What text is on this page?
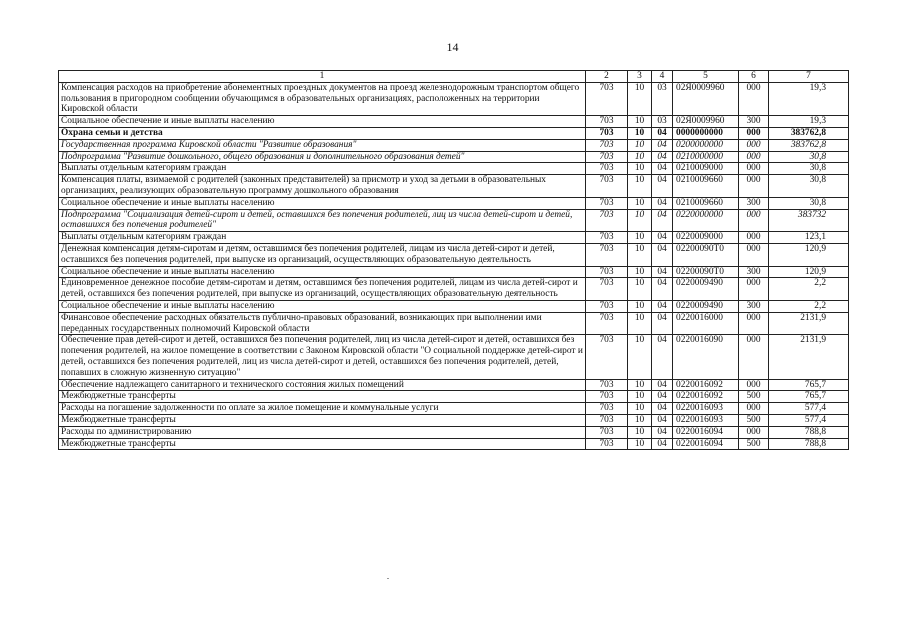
14
1	2	3	4	5	6	7
Компенсация расходов на приобретение абонементных проездных документов на проезд железнодорожным транспортом общего пользования в пригородном сообщении обучающимся в образовательных организациях, расположенных на территории Кировской области	703	10	03	02Я0009960	000	19,3
Социальное обеспечение и иные выплаты населению	703	10	03	02Я0009960	300	19,3
Охрана семьи и детства	703	10	04	0000000000	000	383762,8
Государственная программа Кировской области "Развитие образования"	703	10	04	0200000000	000	383762,8
Подпрограмма "Развитие дошкольного, общего образования и дополнительного образования детей"	703	10	04	0210000000	000	30,8
Выплаты отдельным категориям граждан	703	10	04	0210009000	000	30,8
Компенсация платы, взимаемой с родителей (законных представителей) за присмотр и уход за детьми в образовательных организациях, реализующих образовательную программу дошкольного образования	703	10	04	0210009660	000	30,8
Социальное обеспечение и иные выплаты населению	703	10	04	0210009660	300	30,8
Подпрограмма "Социализация детей-сирот и детей, оставшихся без попечения родителей, лиц из числа детей-сирот и детей, оставшихся без попечения родителей"	703	10	04	0220000000	000	383732
Выплаты отдельным категориям граждан	703	10	04	0220009000	000	123,1
Денежная компенсация детям-сиротам и детям, оставшимся без попечения родителей, лицам из числа детей-сирот и детей, оставшихся без попечения родителей, при выпуске из организаций, осуществляющих образовательную деятельность	703	10	04	02200090Т0	000	120,9
Социальное обеспечение и иные выплаты населению	703	10	04	02200090Т0	300	120,9
Единовременное денежное пособие детям-сиротам и детям, оставшимся без попечения родителей, лицам из числа детей-сирот и детей, оставшихся без попечения родителей, при выпуске из организаций, осуществляющих образовательную деятельность	703	10	04	0220009490	000	2,2
Социальное обеспечение и иные выплаты населению	703	10	04	0220009490	300	2,2
Финансовое обеспечение расходных обязательств публично-правовых образований, возникающих при выполнении ими переданных государственных полномочий Кировской области	703	10	04	0220016000	000	2131,9
Обеспечение прав детей-сирот и детей, оставшихся без попечения родителей, лиц из числа детей-сирот и детей, оставшихся без попечения родителей, на жилое помещение в соответствии с Законом Кировской области "О социальной поддержке детей-сирот и детей, оставшихся без попечения родителей, лиц из числа детей-сирот и детей, оставшихся без попечения родителей, детей, попавших в сложную жизненную ситуацию"	703	10	04	0220016090	000	2131,9
Обеспечение надлежащего санитарного и технического состояния жилых помещений	703	10	04	0220016092	000	765,7
Межбюджетные трансферты	703	10	04	0220016092	500	765,7
Расходы на погашение задолженности по оплате за жилое помещение и коммунальные услуги	703	10	04	0220016093	000	577,4
Межбюджетные трансферты	703	10	04	0220016093	500	577,4
Расходы по администрированию	703	10	04	0220016094	000	788,8
Межбюджетные трансферты	703	10	04	0220016094	500	788,8
